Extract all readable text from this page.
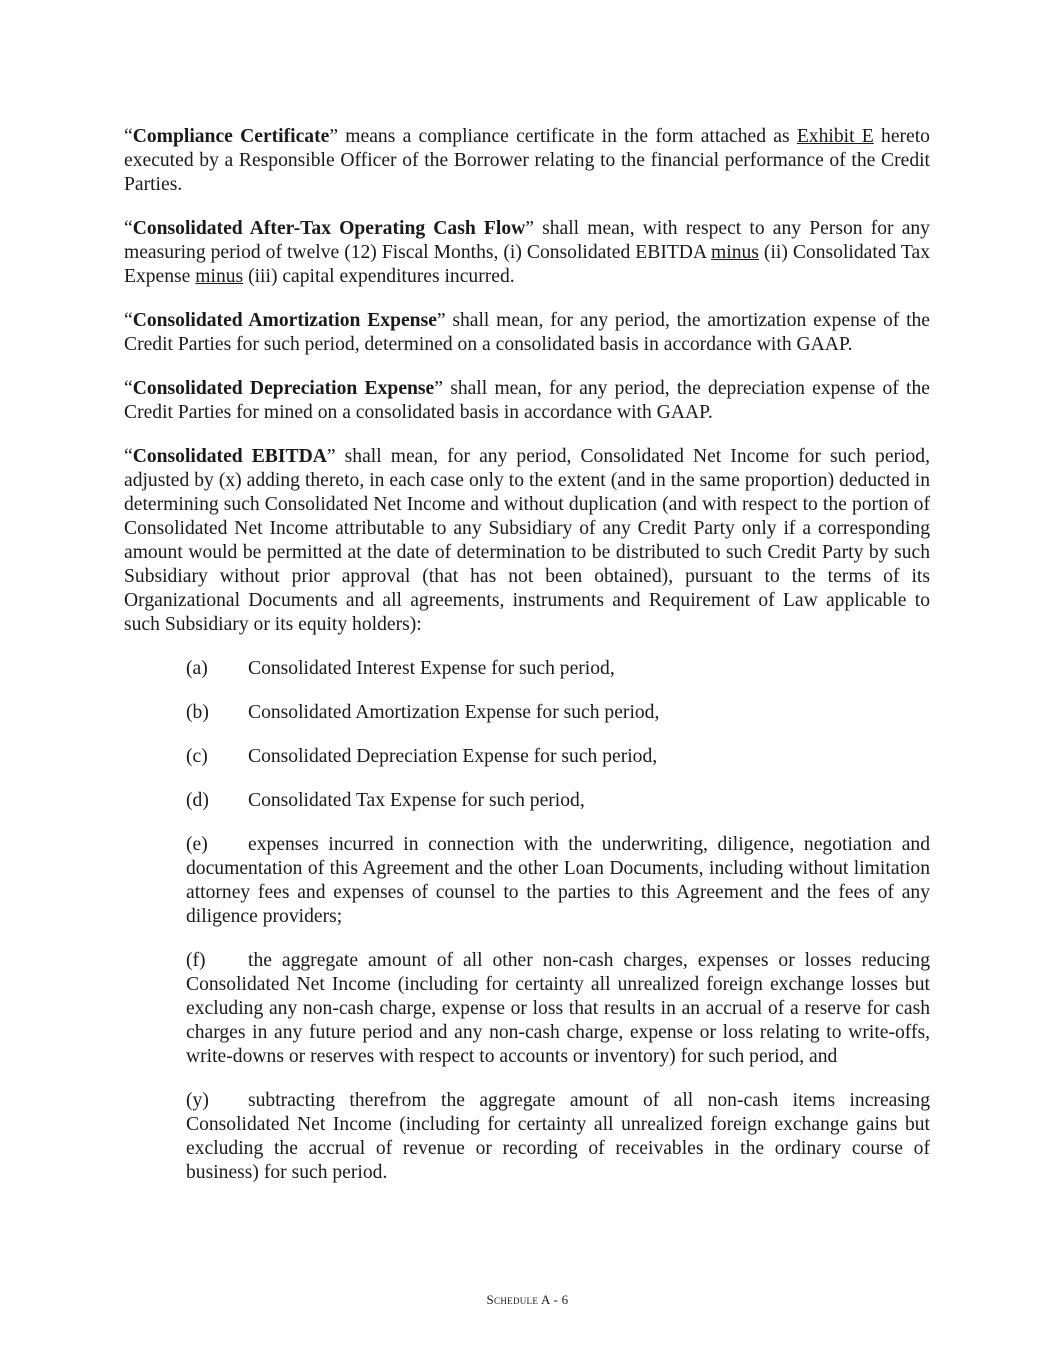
“Compliance Certificate” means a compliance certificate in the form attached as Exhibit E hereto executed by a Responsible Officer of the Borrower relating to the financial performance of the Credit Parties.

“Consolidated After-Tax Operating Cash Flow” shall mean, with respect to any Person for any measuring period of twelve (12) Fiscal Months, (i) Consolidated EBITDA minus (ii) Consolidated Tax Expense minus (iii) capital expenditures incurred.

“Consolidated Amortization Expense” shall mean, for any period, the amortization expense of the Credit Parties for such period, determined on a consolidated basis in accordance with GAAP.

“Consolidated Depreciation Expense” shall mean, for any period, the depreciation expense of the Credit Parties for mined on a consolidated basis in accordance with GAAP.

“Consolidated EBITDA” shall mean, for any period, Consolidated Net Income for such period, adjusted by (x) adding thereto, in each case only to the extent (and in the same proportion) deducted in determining such Consolidated Net Income and without duplication (and with respect to the portion of Consolidated Net Income attributable to any Subsidiary of any Credit Party only if a corresponding amount would be permitted at the date of determination to be distributed to such Credit Party by such Subsidiary without prior approval (that has not been obtained), pursuant to the terms of its Organizational Documents and all agreements, instruments and Requirement of Law applicable to such Subsidiary or its equity holders):

(a) Consolidated Interest Expense for such period,

(b) Consolidated Amortization Expense for such period,

(c) Consolidated Depreciation Expense for such period,

(d) Consolidated Tax Expense for such period,

(e) expenses incurred in connection with the underwriting, diligence, negotiation and documentation of this Agreement and the other Loan Documents, including without limitation attorney fees and expenses of counsel to the parties to this Agreement and the fees of any diligence providers;

(f) the aggregate amount of all other non-cash charges, expenses or losses reducing Consolidated Net Income (including for certainty all unrealized foreign exchange losses but excluding any non-cash charge, expense or loss that results in an accrual of a reserve for cash charges in any future period and any non-cash charge, expense or loss relating to write-offs, write-downs or reserves with respect to accounts or inventory) for such period, and

(y) subtracting therefrom the aggregate amount of all non-cash items increasing Consolidated Net Income (including for certainty all unrealized foreign exchange gains but excluding the accrual of revenue or recording of receivables in the ordinary course of business) for such period.

Schedule A - 6
